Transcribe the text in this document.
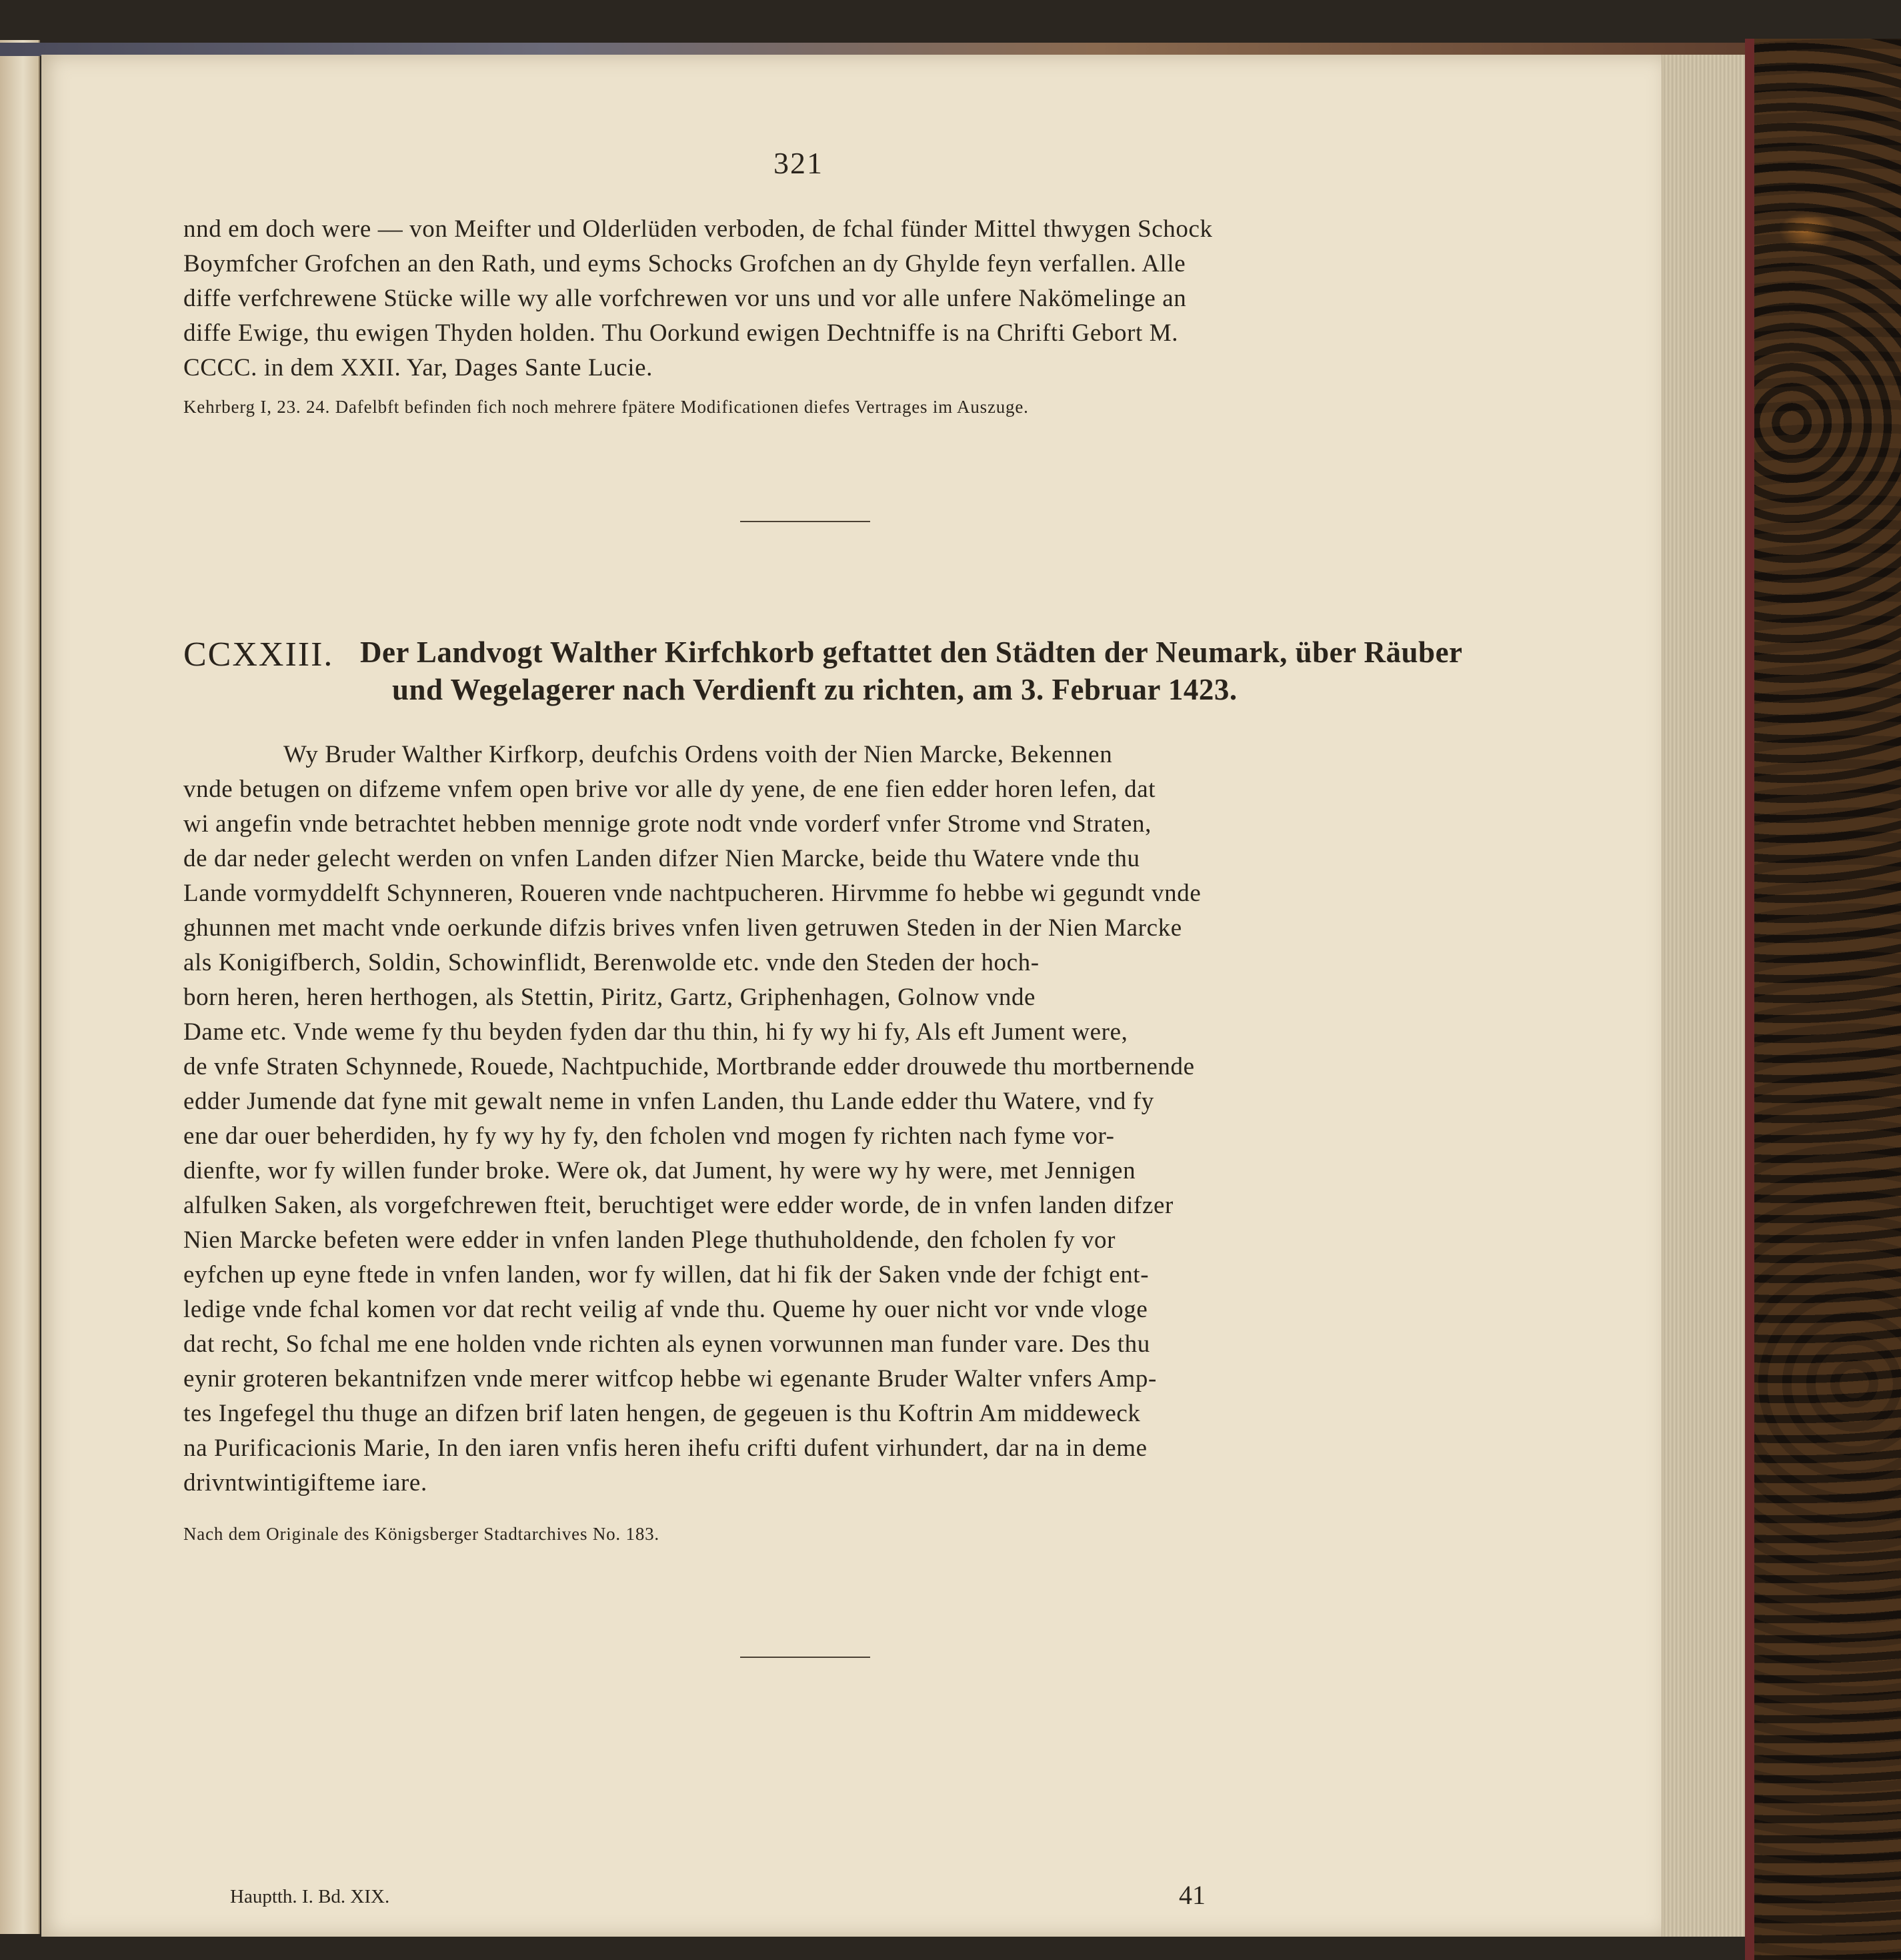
321
nnd em doch were — von Meifter und Olderlüden verboden, de fchal fünder Mittel thwygen Schock
Boymfcher Grofchen an den Rath, und eyms Schocks Grofchen an dy Ghylde feyn verfallen. Alle
diffe verfchrewene Stücke wille wy alle vorfchrewen vor uns und vor alle unfere Nakömelinge an
diffe Ewige, thu ewigen Thyden holden. Thu Oorkund ewigen Dechtniffe is na Chrifti Gebort M.
CCCC. in dem XXII. Yar, Dages Sante Lucie.
Kehrberg I, 23. 24. Dafelbft befinden fich noch mehrere fpätere Modificationen diefes Vertrages im Auszuge.
CCXXIII. Der Landvogt Walther Kirfchkorb geftattet den Städten der Neumark, über Räuber
und Wegelagerer nach Verdienft zu richten, am 3. Februar 1423.
Wy Bruder Walther Kirfkorp, deufchis Ordens voith der Nien Marcke, Bekennen
vnde betugen on difzeme vnfem open brive vor alle dy yene, de ene fien edder horen lefen, dat
wi angefin vnde betrachtet hebben mennige grote nodt vnde vorderf vnfer Strome vnd Straten,
de dar neder gelecht werden on vnfen Landen difzer Nien Marcke, beide thu Watere vnde thu
Lande vormyddelft Schynneren, Roueren vnde nachtpucheren. Hirvmme fo hebbe wi gegundt vnde
ghunnen met macht vnde oerkunde difzis brives vnfen liven getruwen Steden in der Nien Marcke
als Konigifberch, Soldin, Schowinflidt, Berenwolde etc. vnde den Steden der hoch-
born heren, heren herthogen, als Stettin, Piritz, Gartz, Griphenhagen, Golnow vnde
Dame etc. Vnde weme fy thu beyden fyden dar thu thin, hi fy wy hi fy, Als eft Jument were,
de vnfe Straten Schynnede, Rouede, Nachtpuchide, Mortbrande edder drouwede thu mortbernende
edder Jumende dat fyne mit gewalt neme in vnfen Landen, thu Lande edder thu Watere, vnd fy
ene dar ouer beherdiden, hy fy wy hy fy, den fcholen vnd mogen fy richten nach fyme vor-
dienfte, wor fy willen funder broke. Were ok, dat Jument, hy were wy hy were, met Jennigen
alfulken Saken, als vorgefchrewen fteit, beruchtiget were edder worde, de in vnfen landen difzer
Nien Marcke befeten were edder in vnfen landen Plege thuthuholdende, den fcholen fy vor
eyfchen up eyne ftede in vnfen landen, wor fy willen, dat hi fik der Saken vnde der fchigt ent-
ledige vnde fchal komen vor dat recht veilig af vnde thu. Queme hy ouer nicht vor vnde vloge
dat recht, So fchal me ene holden vnde richten als eynen vorwunnen man funder vare. Des thu
eynir groteren bekantnifzen vnde merer witfcop hebbe wi egenante Bruder Walter vnfers Amp-
tes Ingefegel thu thuge an difzen brif laten hengen, de gegeuen is thu Koftrin Am middeweck
na Purificacionis Marie, In den iaren vnfis heren ihefu crifti dufent virhundert, dar na in deme
drivntwintigifteme iare.
Nach dem Originale des Königsberger Stadtarchives No. 183.
Hauptth. I. Bd. XIX.	41
